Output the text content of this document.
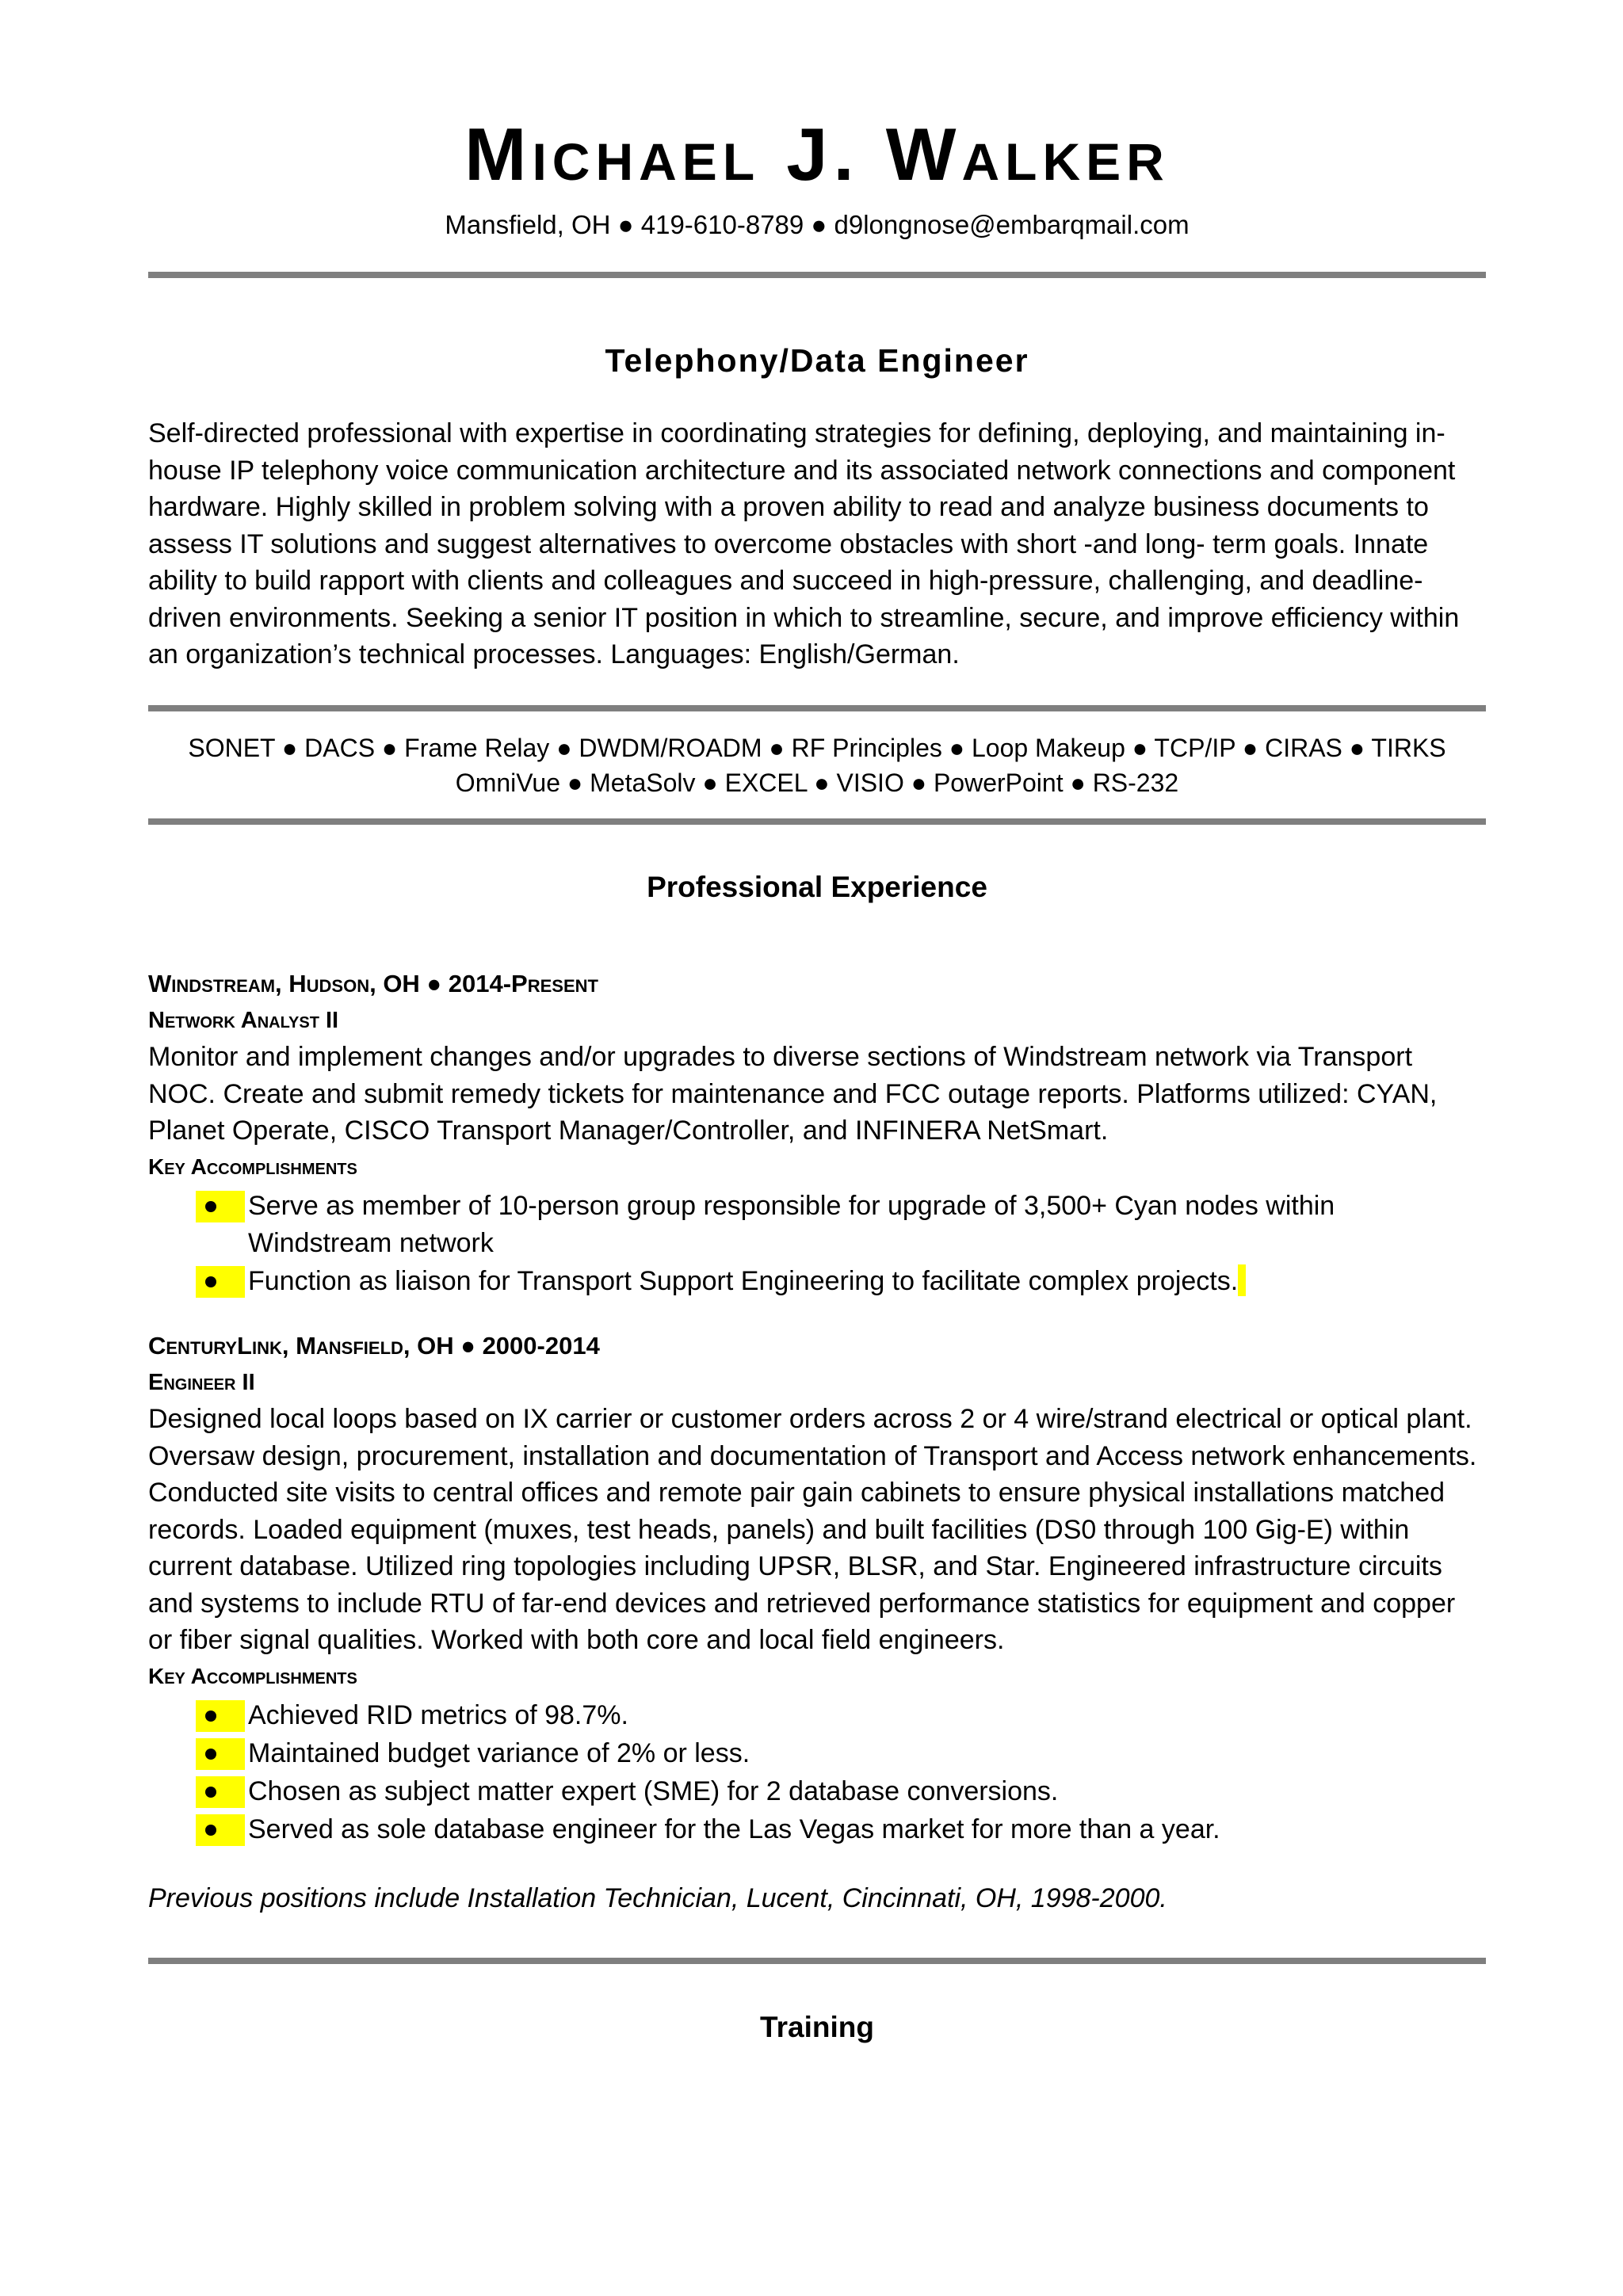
Michael J. Walker
Mansfield, OH ● 419-610-8789 ● d9longnose@embarqmail.com
Telephony/Data Engineer

Self-directed professional with expertise in coordinating strategies for defining, deploying, and maintaining in-house IP telephony voice communication architecture and its associated network connections and component hardware. Highly skilled in problem solving with a proven ability to read and analyze business documents to assess IT solutions and suggest alternatives to overcome obstacles with short -and long- term goals. Innate ability to build rapport with clients and colleagues and succeed in high-pressure, challenging, and deadline-driven environments. Seeking a senior IT position in which to streamline, secure, and improve efficiency within an organization’s technical processes. Languages: English/German.

SONET ● DACS ● Frame Relay ● DWDM/ROADM ● RF Principles ● Loop Makeup ● TCP/IP ● CIRAS ● TIRKS
OmniVue ● MetaSolv ● EXCEL ● VISIO ● PowerPoint ● RS-232
Professional Experience

Windstream, Hudson, OH ● 2014-Present

Network Analyst II

Monitor and implement changes and/or upgrades to diverse sections of Windstream network via Transport NOC. Create and submit remedy tickets for maintenance and FCC outage reports. Platforms utilized: CYAN, Planet Operate, CISCO Transport Manager/Controller, and INFINERA NetSmart.

Key Accomplishments

Serve as member of 10-person group responsible for upgrade of 3,500+ Cyan nodes within Windstream network
Function as liaison for Transport Support Engineering to facilitate complex projects.

CenturyLink, Mansfield, OH ● 2000-2014

Engineer II

Designed local loops based on IX carrier or customer orders across 2 or 4 wire/strand electrical or optical plant. Oversaw design, procurement, installation and documentation of Transport and Access network enhancements. Conducted site visits to central offices and remote pair gain cabinets to ensure physical installations matched records. Loaded equipment (muxes, test heads, panels) and built facilities (DS0 through 100 Gig-E) within current database. Utilized ring topologies including UPSR, BLSR, and Star. Engineered infrastructure circuits and systems to include RTU of far-end devices and retrieved performance statistics for equipment and copper or fiber signal qualities. Worked with both core and local field engineers.

Key Accomplishments

Achieved RID metrics of 98.7%.
Maintained budget variance of 2% or less.
Chosen as subject matter expert (SME) for 2 database conversions.
Served as sole database engineer for the Las Vegas market for more than a year.
Previous positions include Installation Technician, Lucent, Cincinnati, OH, 1998-2000.
Training
